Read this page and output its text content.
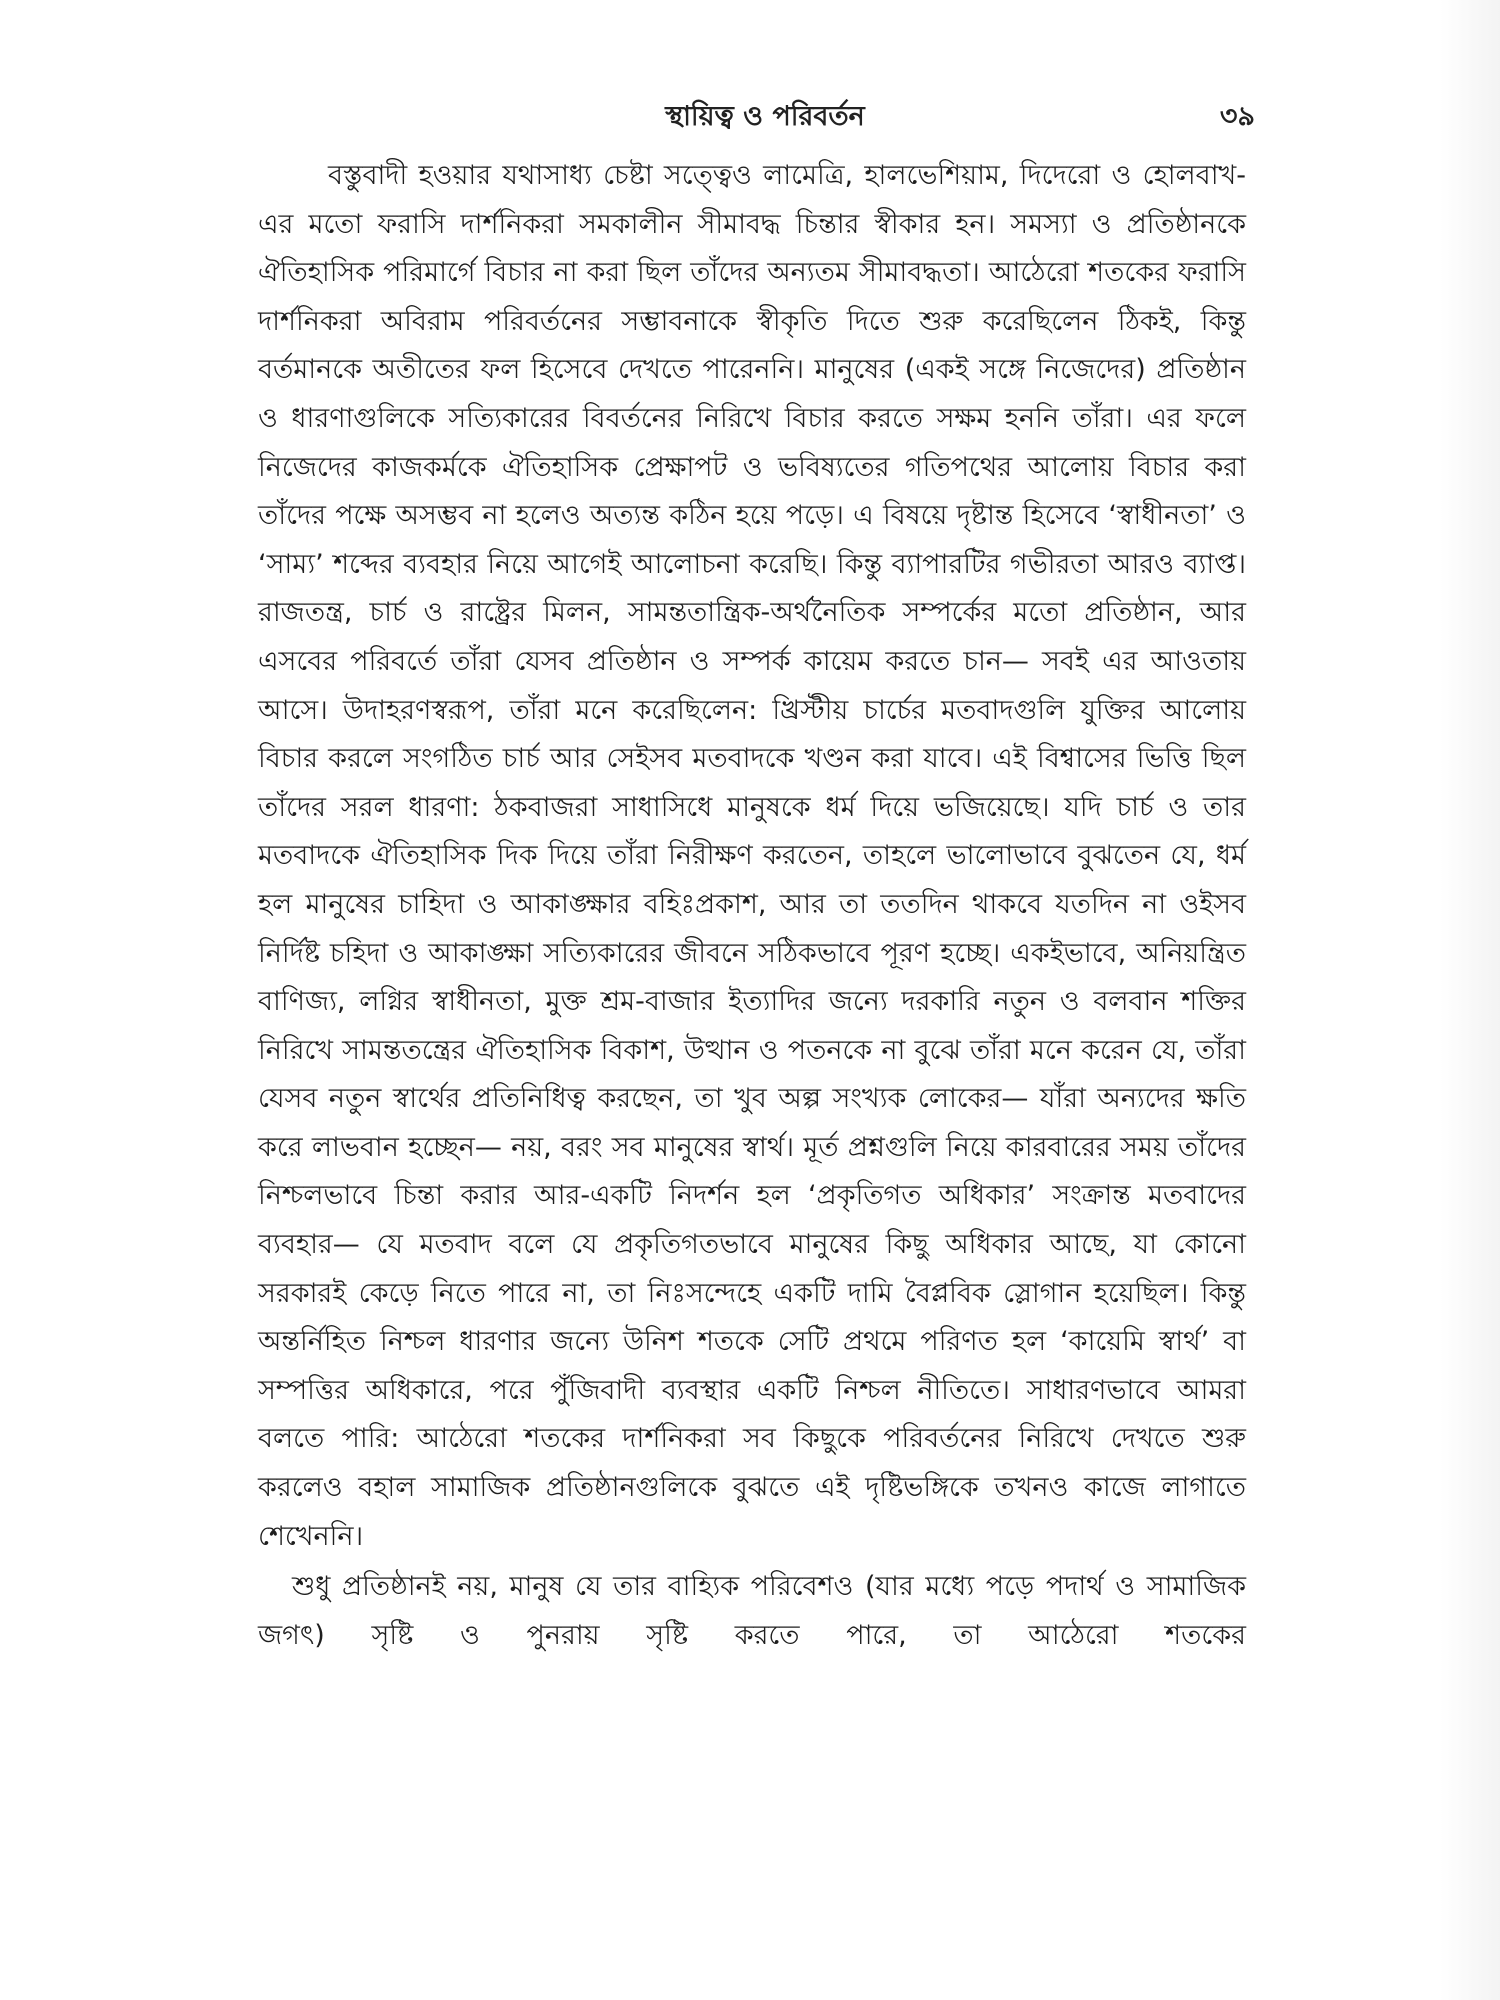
স্থায়িত্ব ও পরিবর্তন	৩৯

বস্তুবাদী হওয়ার যথাসাধ্য চেষ্টা সত্ত্বেও লামেত্রি, হালভেশিয়াম, দিদেরো ও হোলবাখ-এর মতো ফরাসি দার্শনিকরা সমকালীন সীমাবদ্ধ চিন্তার স্বীকার হন। সমস্যা ও প্রতিষ্ঠানকে ঐতিহাসিক পরিমার্গে বিচার না করা ছিল তাঁদের অন্যতম সীমাবদ্ধতা। আঠেরো শতকের ফরাসি দার্শনিকরা অবিরাম পরিবর্তনের সম্ভাবনাকে স্বীকৃতি দিতে শুরু করেছিলেন ঠিকই, কিন্তু বর্তমানকে অতীতের ফল হিসেবে দেখতে পারেননি। মানুষের (একই সঙ্গে নিজেদের) প্রতিষ্ঠান ও ধারণাগুলিকে সত্যিকারের বিবর্তনের নিরিখে বিচার করতে সক্ষম হননি তাঁরা। এর ফলে নিজেদের কাজকর্মকে ঐতিহাসিক প্রেক্ষাপট ও ভবিষ্যতের গতিপথের আলোয় বিচার করা তাঁদের পক্ষে অসম্ভব না হলেও অত্যন্ত কঠিন হয়ে পড়ে। এ বিষয়ে দৃষ্টান্ত হিসেবে ‘স্বাধীনতা’ ও ‘সাম্য’ শব্দের ব্যবহার নিয়ে আগেই আলোচনা করেছি। কিন্তু ব্যাপারটির গভীরতা আরও ব্যাপ্ত। রাজতন্ত্র, চার্চ ও রাষ্ট্রের মিলন, সামন্ততান্ত্রিক-অর্থনৈতিক সম্পর্কের মতো প্রতিষ্ঠান, আর এসবের পরিবর্তে তাঁরা যেসব প্রতিষ্ঠান ও সম্পর্ক কায়েম করতে চান— সবই এর আওতায় আসে। উদাহরণস্বরূপ, তাঁরা মনে করেছিলেন: খ্রিস্টীয় চার্চের মতবাদগুলি যুক্তির আলোয় বিচার করলে সংগঠিত চার্চ আর সেইসব মতবাদকে খণ্ডন করা যাবে। এই বিশ্বাসের ভিত্তি ছিল তাঁদের সরল ধারণা: ঠকবাজরা সাধাসিধে মানুষকে ধর্ম দিয়ে ভজিয়েছে। যদি চার্চ ও তার মতবাদকে ঐতিহাসিক দিক দিয়ে তাঁরা নিরীক্ষণ করতেন, তাহলে ভালোভাবে বুঝতেন যে, ধর্ম হল মানুষের চাহিদা ও আকাঙ্ক্ষার বহিঃপ্রকাশ, আর তা ততদিন থাকবে যতদিন না ওইসব নির্দিষ্ট চহিদা ও আকাঙ্ক্ষা সত্যিকারের জীবনে সঠিকভাবে পূরণ হচ্ছে। একইভাবে, অনিয়ন্ত্রিত বাণিজ্য, লগ্নির স্বাধীনতা, মুক্ত শ্রম-বাজার ইত্যাদির জন্যে দরকারি নতুন ও বলবান শক্তির নিরিখে সামন্ততন্ত্রের ঐতিহাসিক বিকাশ, উত্থান ও পতনকে না বুঝে তাঁরা মনে করেন যে, তাঁরা যেসব নতুন স্বার্থের প্রতিনিধিত্ব করছেন, তা খুব অল্প সংখ্যক লোকের— যাঁরা অন্যদের ক্ষতি করে লাভবান হচ্ছেন— নয়, বরং সব মানুষের স্বার্থ। মূর্ত প্রশ্নগুলি নিয়ে কারবারের সময় তাঁদের নিশ্চলভাবে চিন্তা করার আর-একটি নিদর্শন হল ‘প্রকৃতিগত অধিকার’ সংক্রান্ত মতবাদের ব্যবহার— যে মতবাদ বলে যে প্রকৃতিগতভাবে মানুষের কিছু অধিকার আছে, যা কোনো সরকারই কেড়ে নিতে পারে না, তা নিঃসন্দেহে একটি দামি বৈপ্লবিক স্লোগান হয়েছিল। কিন্তু অন্তর্নিহিত নিশ্চল ধারণার জন্যে উনিশ শতকে সেটি প্রথমে পরিণত হল ‘কায়েমি স্বার্থ’ বা সম্পত্তির অধিকারে, পরে পুঁজিবাদী ব্যবস্থার একটি নিশ্চল নীতিতে। সাধারণভাবে আমরা বলতে পারি: আঠেরো শতকের দার্শনিকরা সব কিছুকে পরিবর্তনের নিরিখে দেখতে শুরু করলেও বহাল সামাজিক প্রতিষ্ঠানগুলিকে বুঝতে এই দৃষ্টিভঙ্গিকে তখনও কাজে লাগাতে শেখেননি।

শুধু প্রতিষ্ঠানই নয়, মানুষ যে তার বাহ্যিক পরিবেশও (যার মধ্যে পড়ে পদার্থ ও সামাজিক জগৎ) সৃষ্টি ও পুনরায় সৃষ্টি করতে পারে, তা আঠেরো শতকের
